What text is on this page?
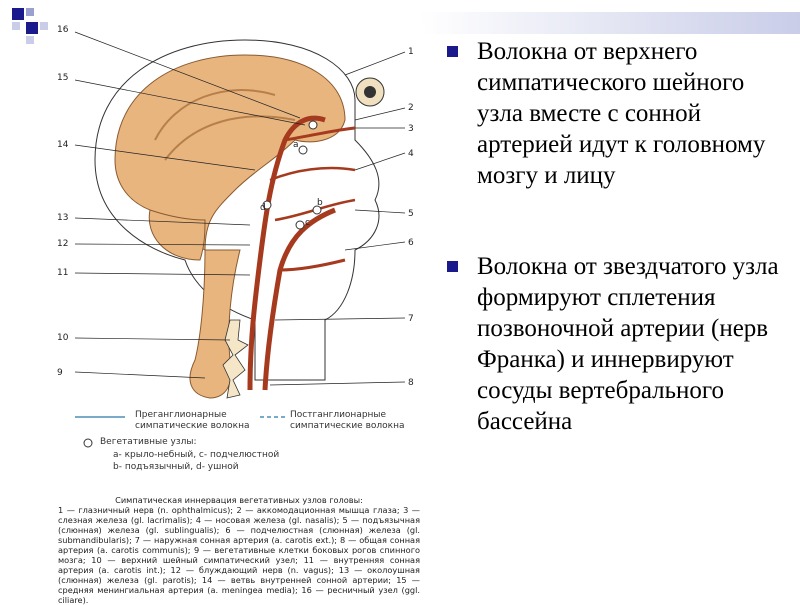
a
b
c
d
16
15
14
13
12
11
10
9
1
2
3
4
5
6
7
8
Преганглионарные симпатические волокна
Постганглионарные симпатические волокна
Вегетативные узлы:
а- крыло-небный, с- подчелюстной
b- подъязычный, d- ушной
Симпатическая иннервация вегетативных узлов головы:
1 — глазничный нерв (n. ophthalmicus); 2 — аккомодационная мышца глаза; 3 — слезная железа (gl. lacrimalis); 4 — носовая железа (gl. nasalis); 5 — подъязычная (слюнная) железа (gl. sublingualis); 6 — подчелюстная (слюнная) железа (gl. submandibularis); 7 — наружная сонная артерия (a. carotis ext.); 8 — общая сонная артерия (a. carotis communis); 9 — вегетативные клетки боковых рогов спинного мозга; 10 — верхний шейный симпатический узел; 11 — внутренняя сонная артерия (a. carotis int.); 12 — блуждающий нерв (n. vagus); 13 — околоушная (слюнная) железа (gl. parotis); 14 — ветвь внутренней сонной артерии; 15 — средняя менингиальная артерия (a. meningea media); 16 — ресничный узел (ggl. ciliare).

Волокна от верхнего симпатического шейного узла вместе с сонной артерией идут к головному мозгу и лицу

Волокна от звездчатого узла формируют сплетения позвоночной артерии (нерв Франка) и иннервируют сосуды вертебрального бассейна
